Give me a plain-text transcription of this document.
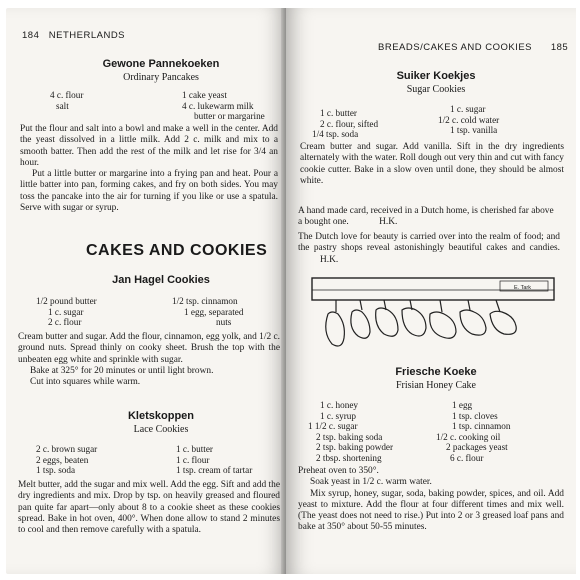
184 NETHERLANDS
Gewone Pannekoeken
Ordinary Pancakes
4 c. flour
salt
1 cake yeast
4 c. lukewarm milk
butter or margarine

Put the flour and salt into a bowl and make a well in the center. Add the yeast dissolved in a little milk. Add 2 c. milk and mix to a smooth batter. Then add the rest of the milk and let rise for 3/4 an hour.

Put a little butter or margarine into a frying pan and heat. Pour a little batter into pan, forming cakes, and fry on both sides. You may toss the pancake into the air for turning if you like or use a spatula. Serve with sugar or syrup.

CAKES AND COOKIES
Jan Hagel Cookies
1/2 pound butter
1 c. sugar
2 c. flour
1/2 tsp. cinnamon
1 egg, separated
nuts

Cream butter and sugar. Add the flour, cinnamon, egg yolk, and 1/2 c. ground nuts. Spread thinly on cooky sheet. Brush the top with the unbeaten egg white and sprinkle with sugar.

Bake at 325° for 20 minutes or until light brown.

Cut into squares while warm.

Kletskoppen
Lace Cookies
2 c. brown sugar
2 eggs, beaten
1 tsp. soda
1 c. butter
1 c. flour
1 tsp. cream of tartar

Melt butter, add the sugar and mix well. Add the egg. Sift and add the dry ingredients and mix. Drop by tsp. on heavily greased and floured pan quite far apart—only about 8 to a cookie sheet as these cookies spread. Bake in hot oven, 400°. When done allow to stand 2 minutes to cool and then remove carefully with a spatula.

BREADS/CAKES AND COOKIES 185
Suiker Koekjes
Sugar Cookies
1 c. butter
2 c. flour, sifted
1/4 tsp. soda
1 c. sugar
1/2 c. cold water
1 tsp. vanilla

Cream butter and sugar. Add vanilla. Sift in the dry ingredients alternately with the water. Roll dough out very thin and cut with fancy cookie cutter. Bake in a slow oven until done, they should be almost white.

A hand made card, received in a Dutch home, is cherished far above a bought one.	H.K.
The Dutch love for beauty is carried over into the realm of food; and the pastry shops reveal astonishingly beautiful cakes and candies. H.K.
E. Tark
Friesche Koeke
Frisian Honey Cake
1 c. honey
1 c. syrup
1 1/2 c. sugar
2 tsp. baking soda
2 tsp. baking powder
2 tbsp. shortening
1 egg
1 tsp. cloves
1 tsp. cinnamon
1/2 c. cooking oil
2 packages yeast
6 c. flour

Preheat oven to 350°.

Soak yeast in 1/2 c. warm water.

Mix syrup, honey, sugar, soda, baking powder, spices, and oil. Add yeast to mixture. Add the flour at four different times and mix well. (The yeast does not need to rise.) Put into 2 or 3 greased loaf pans and bake at 350° about 50-55 minutes.
